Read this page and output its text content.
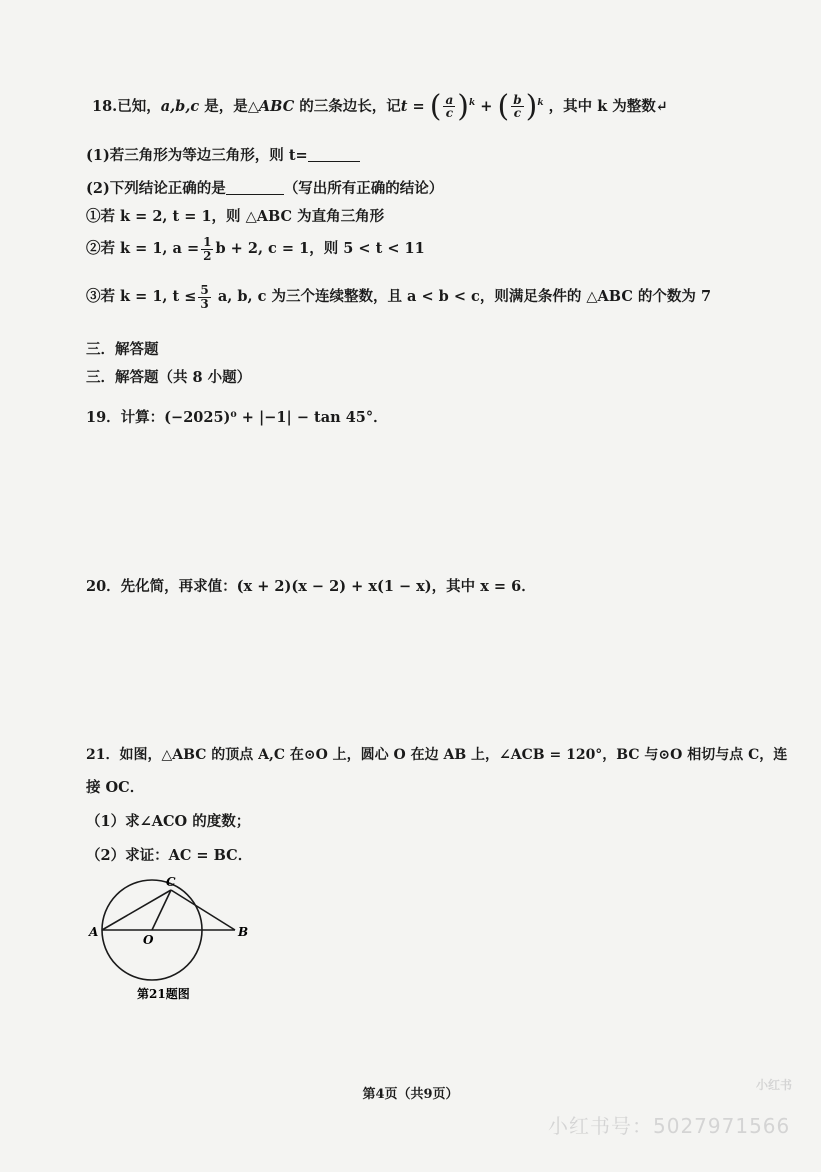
18.已知，a,b,c 是，是△ABC 的三条边长，记t = ( $\frac{a}{c} )^k$ + ( $\frac{b}{c} )^k$ ，其中 k 为整数↵
(1)若三角形为等边三角形，则 t=
(2)下列结论正确的是	（写出所有正确的结论）
①若 k = 2, t = 1，则 △ABC 为直角三角形
②若 k = 1, $a = \frac{1}{2}$ b + 2, c = 1，则 5 < t < 11
③若 k = 1, $t \le \frac{5}{3} a$, b, c 为三个连续整数，且 a < b < c，则满足条件的 △ABC 的个数为 7
三．解答题
三．解答题（共 8 小题）
19．计算：(−2025)⁰ + |−1| − tan 45°．
20．先化简，再求值：(x + 2)(x − 2) + x(1 − x)，其中 x = 6．
21．如图，△ABC 的顶点 A,C 在⊙O 上，圆心 O 在边 AB 上，∠ACB = 120°，BC 与⊙O 相切与点 C，连
接 OC．
（1）求∠ACO 的度数；
（2）求证：AC = BC．
A	B
C
O
第21题图
第4页（共9页）
小红书
小红书号：5027971566
